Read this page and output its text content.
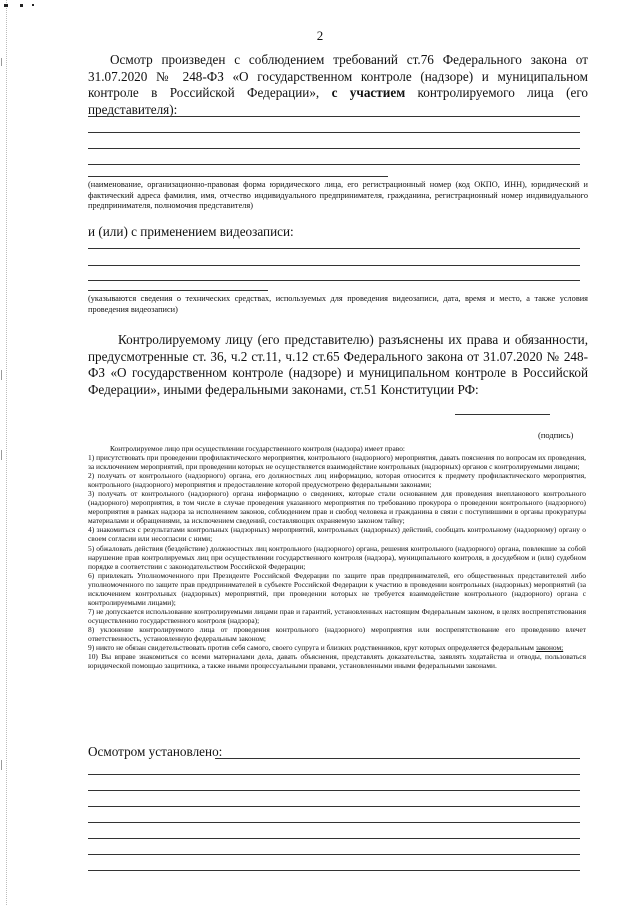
2
Осмотр произведен с соблюдением требований ст.76 Федерального закона от 31.07.2020 № 248-ФЗ «О государственном контроле (надзоре) и муниципальном контроле в Российской Федерации», с участием контролируемого лица (его представителя):
(наименование, организационно-правовая форма юридического лица, его регистрационный номер (код ОКПО, ИНН), юридический и фактический адреса фамилия, имя, отчество индивидуального предпринимателя, гражданина, регистрационный номер индивидуального предпринимателя, полномочия представителя)
и (или) с применением видеозаписи:
(указываются сведения о технических средствах, используемых для проведения видеозаписи, дата, время и место, а также условия проведения видеозаписи)
Контролируемому лицу (его представителю) разъяснены их права и обязанности, предусмотренные ст. 36, ч.2 ст.11, ч.12 ст.65 Федерального закона от 31.07.2020 № 248-ФЗ «О государственном контроле (надзоре) и муниципальном контроле в Российской Федерации», иными федеральными законами, ст.51 Конституции РФ:
(подпись)
Контролируемое лицо при осуществлении государственного контроля (надзора) имеет право:
1) присутствовать при проведении профилактического мероприятия, контрольного (надзорного) мероприятия, давать пояснения по вопросам их проведения, за исключением мероприятий, при проведении которых не осуществляется взаимодействие контрольных (надзорных) органов с контролируемыми лицами;
2) получать от контрольного (надзорного) органа, его должностных лиц информацию, которая относится к предмету профилактического мероприятия, контрольного (надзорного) мероприятия и предоставление которой предусмотрено федеральными законами;
3) получать от контрольного (надзорного) органа информацию о сведениях, которые стали основанием для проведения внепланового контрольного (надзорного) мероприятия, в том числе в случае проведения указанного мероприятия по требованию прокурора о проведении контрольного (надзорного) мероприятия в рамках надзора за исполнением законов, соблюдением прав и свобод человека и гражданина в связи с поступившими в органы прокуратуры материалами и обращениями, за исключением сведений, составляющих охраняемую законом тайну;
4) знакомиться с результатами контрольных (надзорных) мероприятий, контрольных (надзорных) действий, сообщать контрольному (надзорному) органу о своем согласии или несогласии с ними;
5) обжаловать действия (бездействие) должностных лиц контрольного (надзорного) органа, решения контрольного (надзорного) органа, повлекшие за собой нарушение прав контролируемых лиц при осуществлении государственного контроля (надзора), муниципального контроля, в досудебном и (или) судебном порядке в соответствии с законодательством Российской Федерации;
6) привлекать Уполномоченного при Президенте Российской Федерации по защите прав предпринимателей, его общественных представителей либо уполномоченного по защите прав предпринимателей в субъекте Российской Федерации к участию в проведении контрольных (надзорных) мероприятий (за исключением контрольных (надзорных) мероприятий, при проведении которых не требуется взаимодействие контрольного (надзорного) органа с контролируемыми лицами);
7) не допускается использование контролируемыми лицами прав и гарантий, установленных настоящим Федеральным законом, в целях воспрепятствования осуществлению государственного контроля (надзора);
8) уклонение контролируемого лица от проведения контрольного (надзорного) мероприятия или воспрепятствование его проведению влечет ответственность, установленную федеральным законом;
9) никто не обязан свидетельствовать против себя самого, своего супруга и близких родственников, круг которых определяется федеральным законом;
10) Вы вправе знакомиться со всеми материалами дела, давать объяснения, представлять доказательства, заявлять ходатайства и отводы, пользоваться юридической помощью защитника, а также иными процессуальными правами, установленными иными федеральными законами.
Осмотром установлено:
